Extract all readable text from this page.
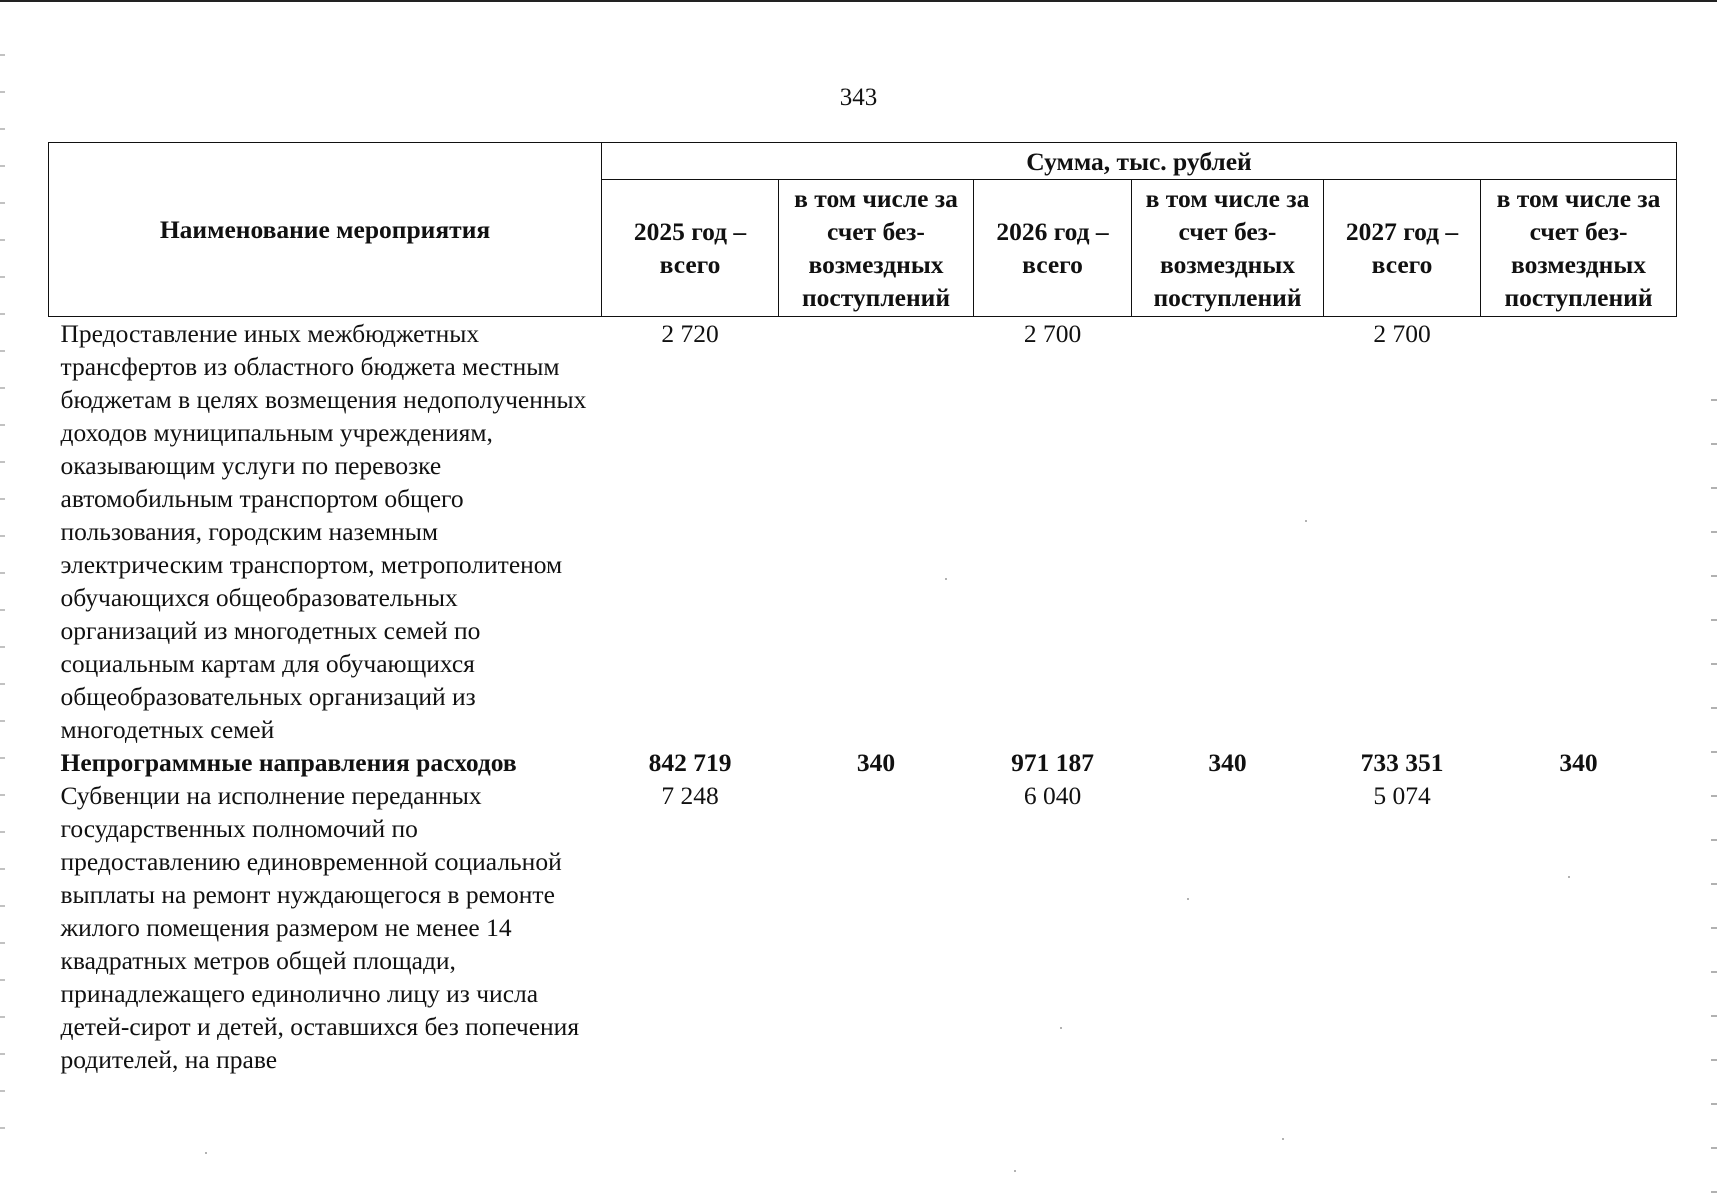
343
Наименование мероприятия	Сумма, тыс. рублей					
	2025 год – всего	в том числе за счет без-возмездных поступлений	2026 год – всего	в том числе за счет без-возмездных поступлений	2027 год – всего	в том числе за счет без-возмездных поступлений
Предоставление иных межбюджетных трансфертов из областного бюджета местным бюджетам в целях возмещения недополученных доходов муниципальным учреждениям, оказывающим услуги по перевозке автомобильным транспортом общего пользования, городским наземным электрическим транспортом, метрополитеном обучающихся общеобразовательных организаций из многодетных семей по социальным картам для обучающихся общеобразовательных организаций из многодетных семей	2 720		2 700		2 700	
Непрограммные направления расходов	842 719	340	971 187	340	733 351	340
Субвенции на исполнение переданных государственных полномочий по предоставлению единовременной социальной выплаты на ремонт нуждающегося в ремонте жилого помещения размером не менее 14 квадратных метров общей площади, принадлежащего единолично лицу из числа детей-сирот и детей, оставшихся без попечения родителей, на праве	7 248		6 040		5 074	
